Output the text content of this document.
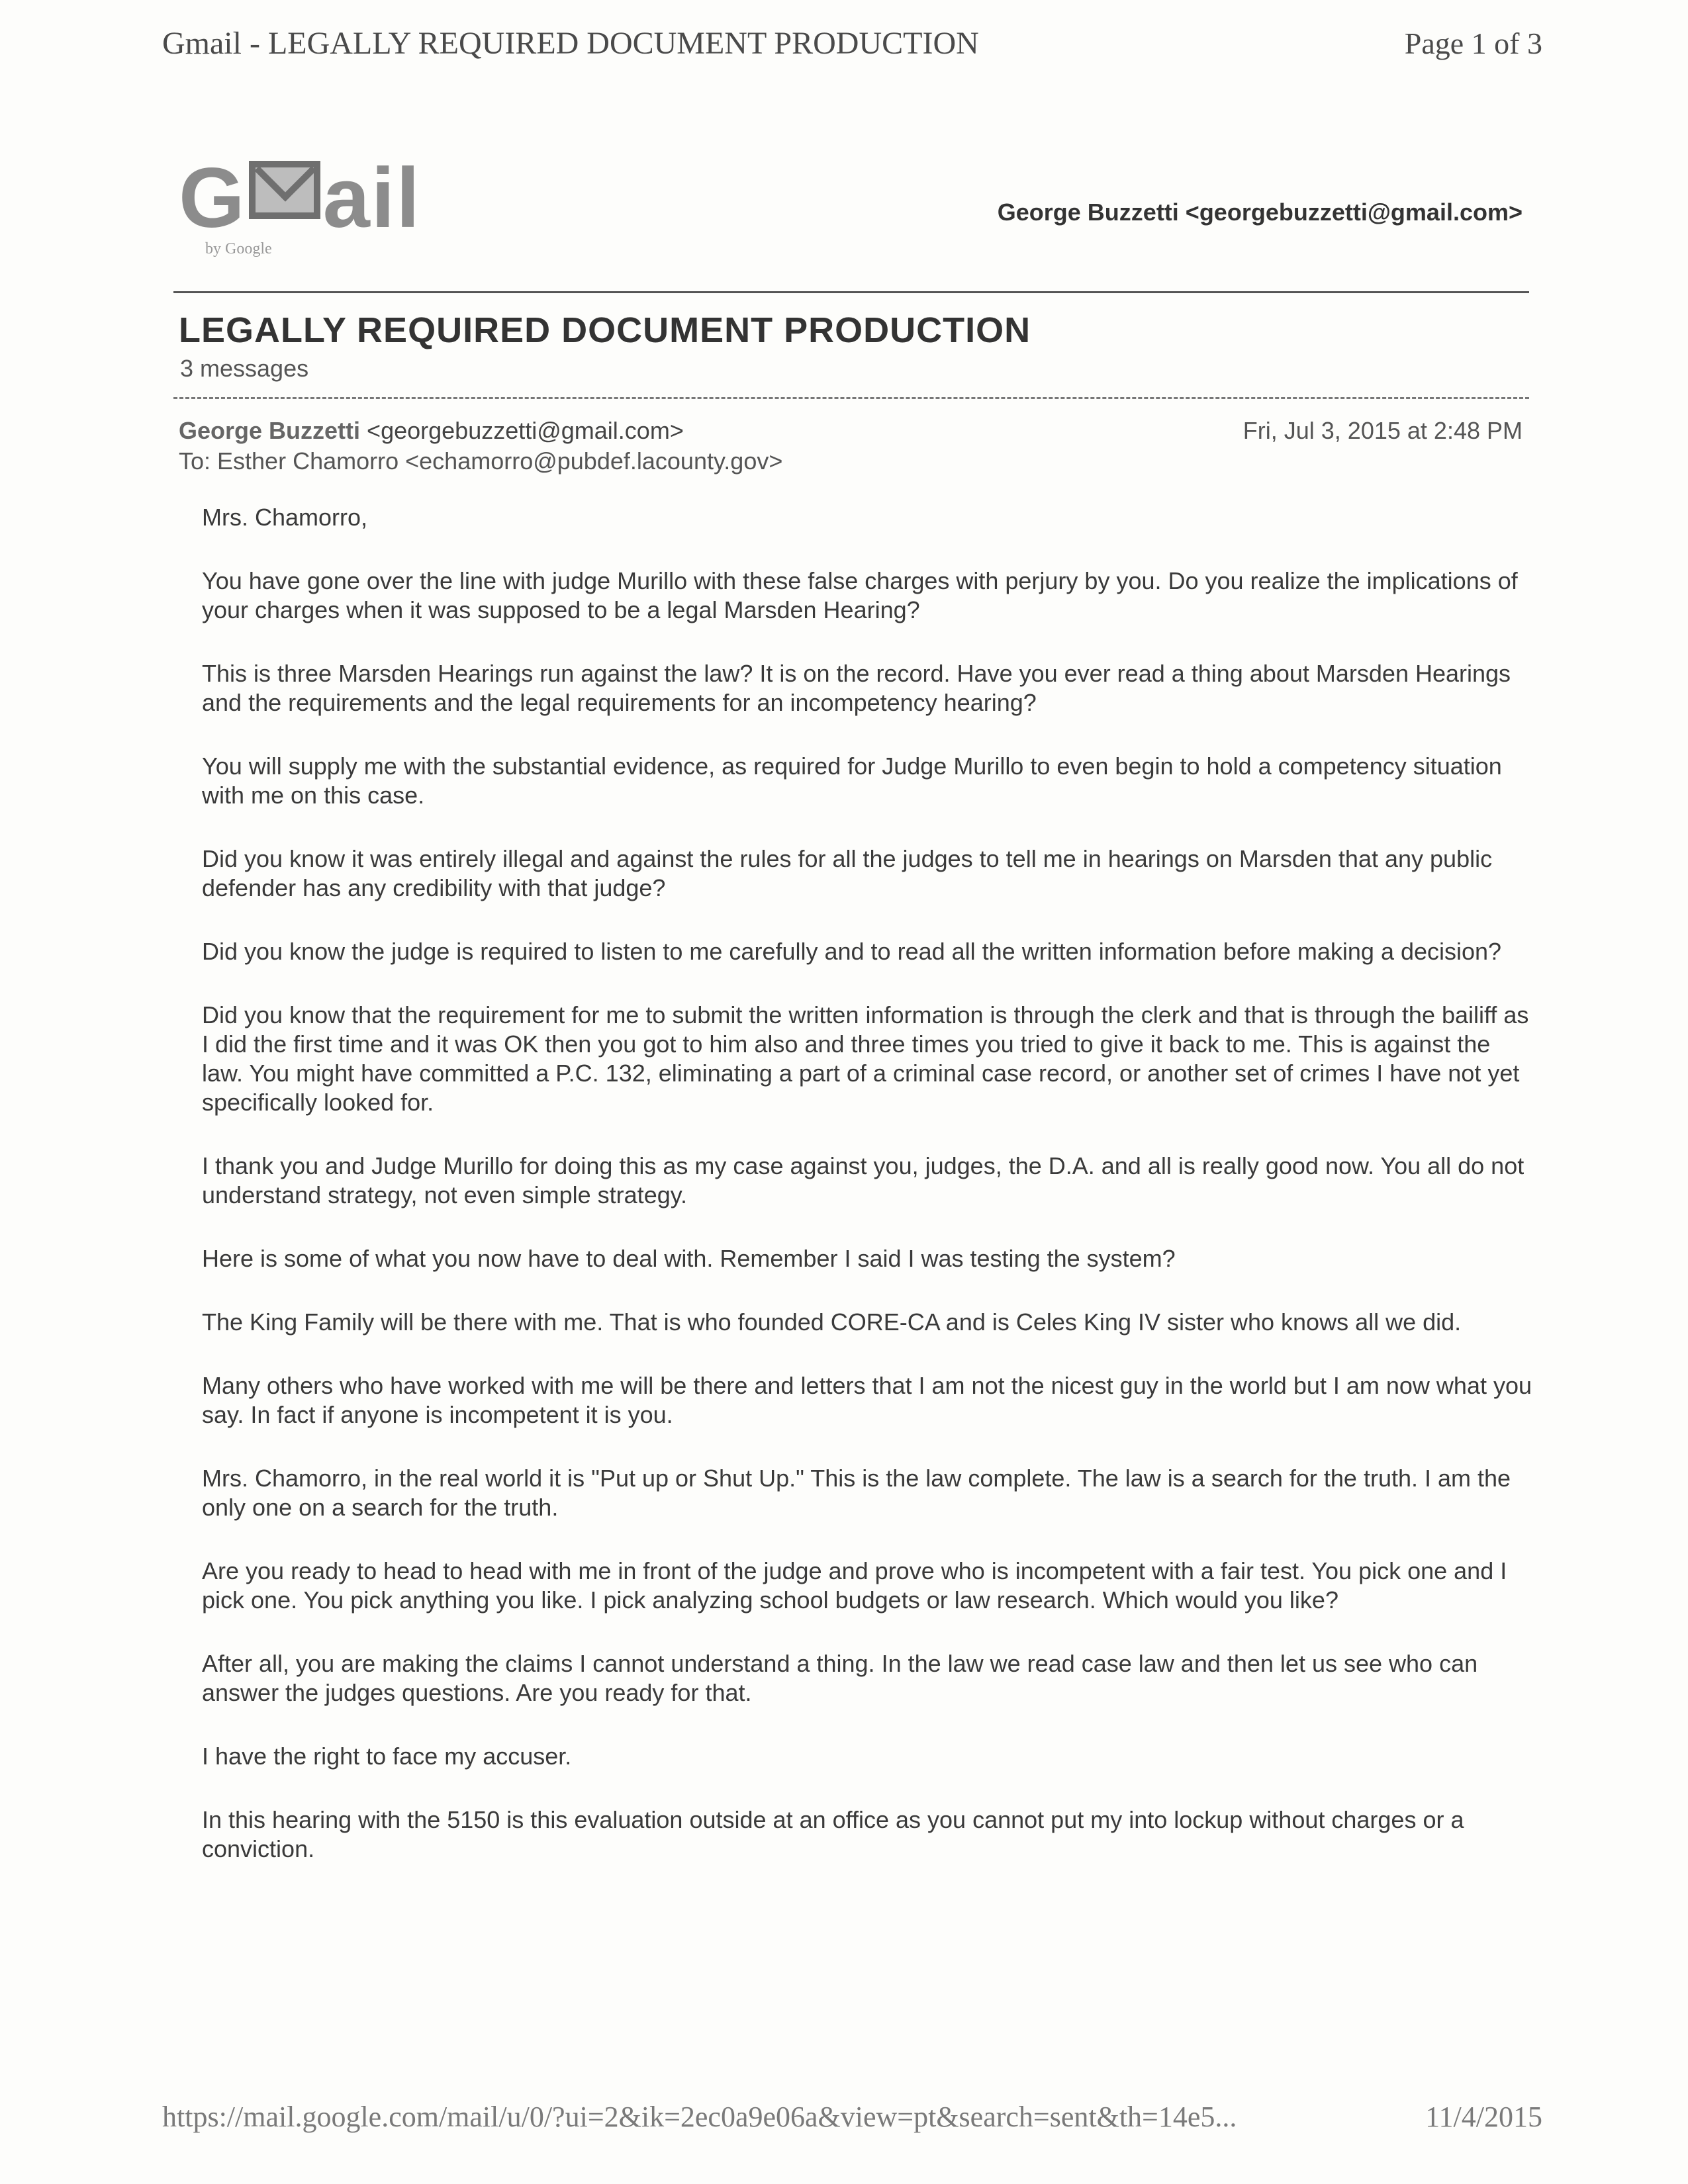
Gmail - LEGALLY REQUIRED DOCUMENT PRODUCTION	Page 1 of 3
G ail
by Google
George Buzzetti <georgebuzzetti@gmail.com>
LEGALLY REQUIRED DOCUMENT PRODUCTION
3 messages
George Buzzetti <georgebuzzetti@gmail.com>	Fri, Jul 3, 2015 at 2:48 PM
To: Esther Chamorro <echamorro@pubdef.lacounty.gov>

Mrs. Chamorro,

You have gone over the line with judge Murillo with these false charges with perjury by you. Do you realize the implications of your charges when it was supposed to be a legal Marsden Hearing?

This is three Marsden Hearings run against the law? It is on the record. Have you ever read a thing about Marsden Hearings and the requirements and the legal requirements for an incompetency hearing?

You will supply me with the substantial evidence, as required for Judge Murillo to even begin to hold a competency situation with me on this case.

Did you know it was entirely illegal and against the rules for all the judges to tell me in hearings on Marsden that any public defender has any credibility with that judge?

Did you know the judge is required to listen to me carefully and to read all the written information before making a decision?

Did you know that the requirement for me to submit the written information is through the clerk and that is through the bailiff as I did the first time and it was OK then you got to him also and three times you tried to give it back to me. This is against the law. You might have committed a P.C. 132, eliminating a part of a criminal case record, or another set of crimes I have not yet specifically looked for.

I thank you and Judge Murillo for doing this as my case against you, judges, the D.A. and all is really good now. You all do not understand strategy, not even simple strategy.

Here is some of what you now have to deal with. Remember I said I was testing the system?

The King Family will be there with me. That is who founded CORE-CA and is Celes King IV sister who knows all we did.

Many others who have worked with me will be there and letters that I am not the nicest guy in the world but I am now what you say. In fact if anyone is incompetent it is you.

Mrs. Chamorro, in the real world it is "Put up or Shut Up." This is the law complete. The law is a search for the truth. I am the only one on a search for the truth.

Are you ready to head to head with me in front of the judge and prove who is incompetent with a fair test. You pick one and I pick one. You pick anything you like. I pick analyzing school budgets or law research. Which would you like?

After all, you are making the claims I cannot understand a thing. In the law we read case law and then let us see who can answer the judges questions. Are you ready for that.

I have the right to face my accuser.

In this hearing with the 5150 is this evaluation outside at an office as you cannot put my into lockup without charges or a conviction.

https://mail.google.com/mail/u/0/?ui=2&ik=2ec0a9e06a&view=pt&search=sent&th=14e5...	11/4/2015
